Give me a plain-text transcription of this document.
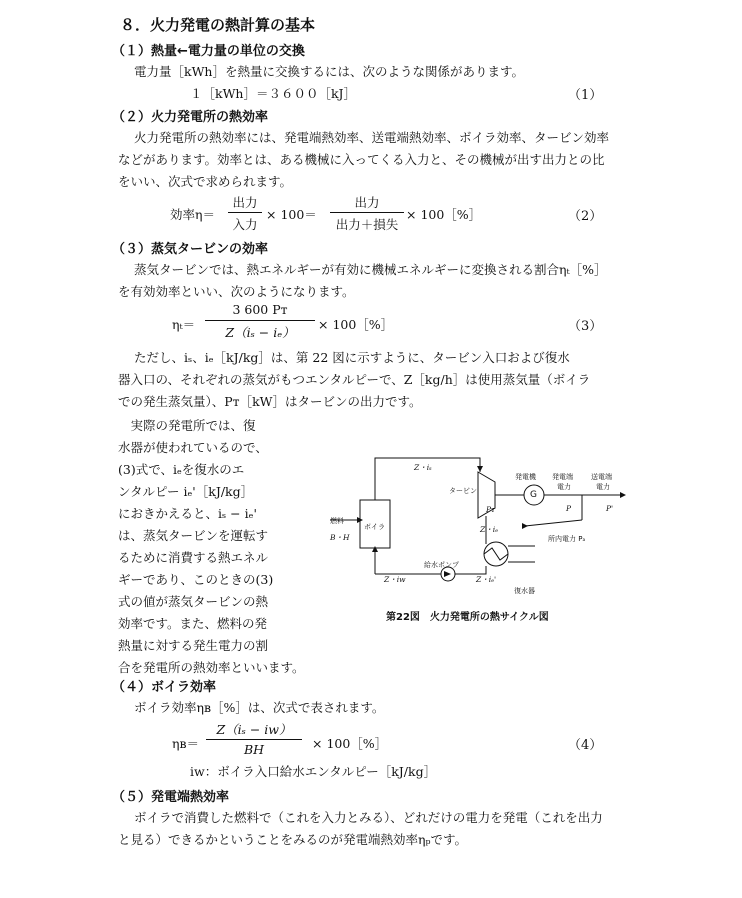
８．火力発電の熱計算の基本
（１）熱量←電力量の単位の交換
電力量［kWh］を熱量に交換するには、次のような関係があります。
１［kWh］＝３６００［kJ］	（1）
（２）火力発電所の熱効率
火力発電所の熱効率には、発電端熱効率、送電端熱効率、ボイラ効率、タービン効率
などがあります。効率とは、ある機械に入ってくる入力と、その機械が出す出力との比
をいい、次式で求められます。
効率η＝
出力
入力
× 100＝
出力
出力＋損失
× 100［%］	（2）
（３）蒸気タービンの効率
蒸気タービンでは、熱エネルギーが有効に機械エネルギーに変換される割合ηₜ［%］
を有効効率といい、次のようになります。
ηₜ＝
3 600 Pᴛ
Z（iₛ − iₑ）
× 100［%］	（3）
ただし、iₛ、iₑ［kJ/kg］は、第 22 図に示すように、タービン入口および復水
器入口の、それぞれの蒸気がもつエンタルピーで、Z［kg/h］は使用蒸気量（ボイラ
での発生蒸気量）、Pᴛ［kW］はタービンの出力です。
　実際の発電所では、復
水器が使われているので、
(3)式で、iₑを復水のエ
ンタルピー iₑ'［kJ/kg］
におきかえると、iₛ − iₑ'
は、蒸気タービンを運転す
るために消費する熱エネル
ギーであり、このときの(3)
式の値が蒸気タービンの熱
効率です。また、燃料の発
熱量に対する発生電力の割
合を発電所の熱効率といいます。
Z・iₛ
タービン
発電機 発電端
電力
送電端
電力
Pᴛ
G
P	P'
所内電力 Pₐ
Z・iₑ
燃料
B・H
ボイラ
給水ポンプ
Z・iw	Z・iₑ'
復水器
第22図　火力発電所の熱サイクル図
（４）ボイラ効率
ボイラ効率ηʙ［%］は、次式で表されます。
ηʙ＝
Z（iₛ − iw）
BH	× 100［%］	（4）
iw：ボイラ入口給水エンタルピー［kJ/kg］
（５）発電端熱効率
ボイラで消費した燃料で（これを入力とみる）、どれだけの電力を発電（これを出力
と見る）できるかということをみるのが発電端熱効率ηₚです。
